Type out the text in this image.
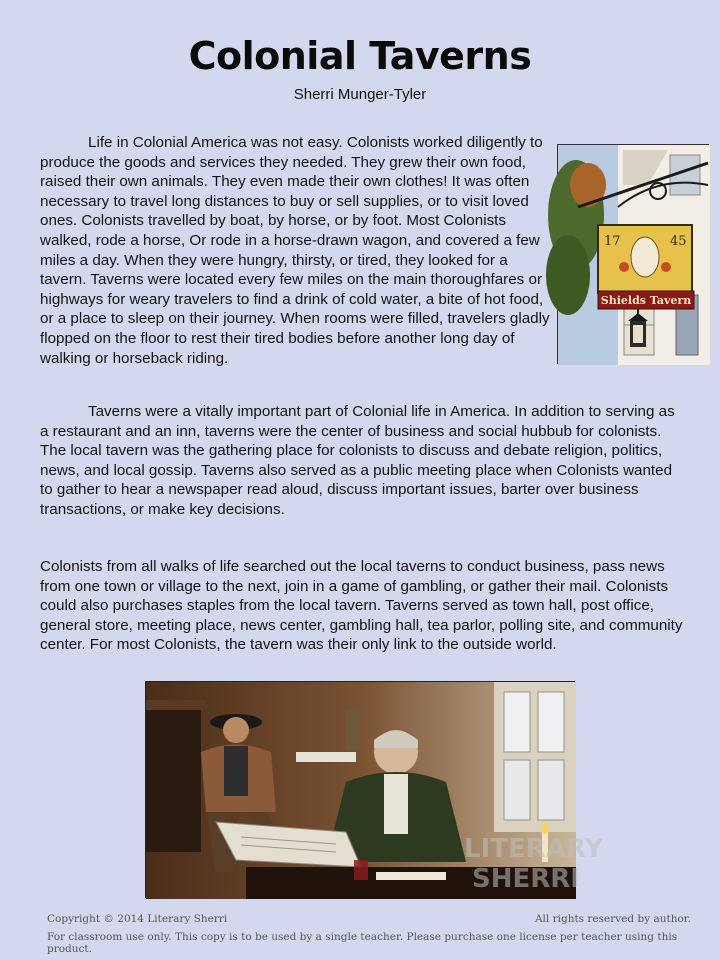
Colonial Taverns
Sherri Munger-Tyler

Life in Colonial America was not easy. Colonists worked diligently to produce the goods and services they needed. They grew their own food, raised their own animals. They even made their own clothes! It was often necessary to travel long distances to buy or sell supplies, or to visit loved ones. Colonists travelled by boat, by horse, or by foot. Most Colonists walked, rode a horse, Or rode in a horse-drawn wagon, and covered a few miles a day. When they were hungry, thirsty, or tired, they looked for a tavern. Taverns were located every few miles on the main thoroughfares or highways for weary travelers to find a drink of cold water, a bite of hot food, or a place to sleep on their journey. When rooms were filled, travelers gladly flopped on the floor to rest their tired bodies before another long day of walking or horseback riding.

17	45
Shields Tavern

Taverns were a vitally important part of Colonial life in America. In addition to serving as a restaurant and an inn, taverns were the center of business and social hubbub for colonists. The local tavern was the gathering place for colonists to discuss and debate religion, politics, news, and local gossip. Taverns also served as a public meeting place when Colonists wanted to gather to hear a newspaper read aloud, discuss important issues, barter over business transactions, or make key decisions.

Colonists from all walks of life searched out the local taverns to conduct business, pass news from one town or village to the next, join in a game of gambling, or gather their mail. Colonists could also purchases staples from the local tavern. Taverns served as town hall, post office, general store, meeting place, news center, gambling hall, tea parlor, polling site, and community center. For most Colonists, the tavern was their only link to the outside world.

LITERARY
SHERRI
Copyright © 2014 Literary Sherri	All rights reserved by author.
For classroom use only. This copy is to be used by a single teacher. Please purchase one license per teacher using this product.
